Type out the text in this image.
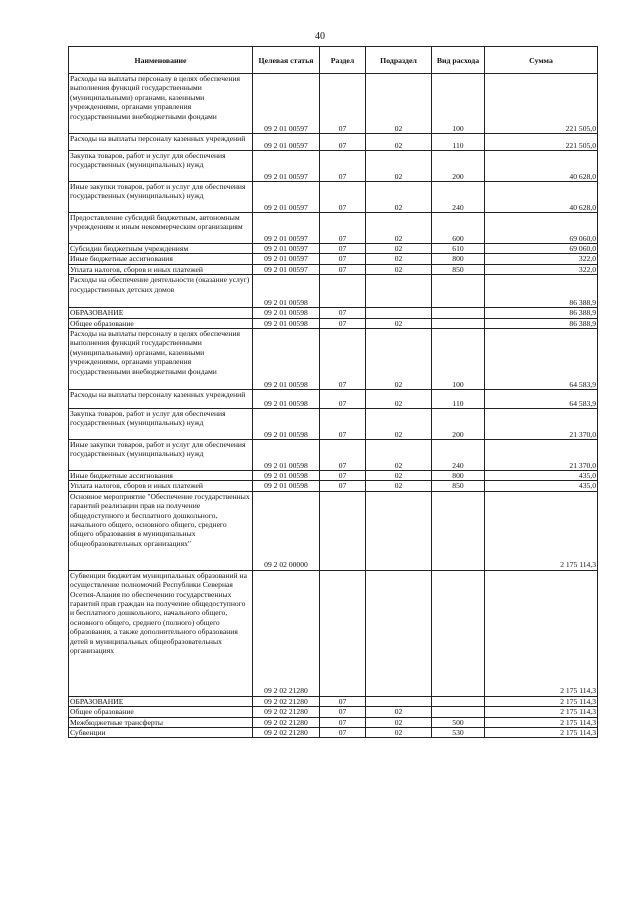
40
Наименование	Целевая статья	Раздел	Подраздел	Вид расхода	Сумма
Расходы на выплаты персоналу в целях обеспечения выполнения функций государственными (муниципальными) органами, казенными учреждениями, органами управления государственными внебюджетными фондами	09 2 01 00597	07	02	100	221 505,0
Расходы на выплаты персоналу казенных учреждений	09 2 01 00597	07	02	110	221 505,0
Закупка товаров, работ и услуг для обеспечения государственных (муниципальных) нужд	09 2 01 00597	07	02	200	40 628,0
Иные закупки товаров, работ и услуг для обеспечения государственных (муниципальных) нужд	09 2 01 00597	07	02	240	40 628,0
Предоставление субсидий бюджетным, автономным учреждениям и иным некоммерческим организациям	09 2 01 00597	07	02	600	69 060,0
Субсидии бюджетным учреждениям	09 2 01 00597	07	02	610	69 060,0
Иные бюджетные ассигнования	09 2 01 00597	07	02	800	322,0
Уплата налогов, сборов и иных платежей	09 2 01 00597	07	02	850	322,0
Расходы на обеспечение деятельности (оказание услуг) государственных детских домов	09 2 01 00598				86 388,9
ОБРАЗОВАНИЕ	09 2 01 00598	07			86 388,9
Общее образование	09 2 01 00598	07	02		86 388,9
Расходы на выплаты персоналу в целях обеспечения выполнения функций государственными (муниципальными) органами, казенными учреждениями, органами управления государственными внебюджетными фондами	09 2 01 00598	07	02	100	64 583,9
Расходы на выплаты персоналу казенных учреждений	09 2 01 00598	07	02	110	64 583,9
Закупка товаров, работ и услуг для обеспечения государственных (муниципальных) нужд	09 2 01 00598	07	02	200	21 370,0
Иные закупки товаров, работ и услуг для обеспечения государственных (муниципальных) нужд	09 2 01 00598	07	02	240	21 370,0
Иные бюджетные ассигнования	09 2 01 00598	07	02	800	435,0
Уплата налогов, сборов и иных платежей	09 2 01 00598	07	02	850	435,0
Основное мероприятие "Обеспечение государственных гарантий реализации прав на получение общедоступного и бесплатного дошкольного, начального общего, основного общего, среднего общего образования в муниципальных общеобразовательных организациях"	09 2 02 00000				2 175 114,3
Субвенции бюджетам муниципальных образований на осуществление полномочий Республики Северная Осетия-Алания по обеспечению государственных гарантий прав граждан на получение общедоступного и бесплатного дошкольного, начального общего, основного общего, среднего (полного) общего образования, а также дополнительного образования детей в муниципальных общеобразовательных организациях	09 2 02 21280				2 175 114,3
ОБРАЗОВАНИЕ	09 2 02 21280	07			2 175 114,3
Общее образование	09 2 02 21280	07	02		2 175 114,3
Межбюджетные трансферты	09 2 02 21280	07	02	500	2 175 114,3
Субвенции	09 2 02 21280	07	02	530	2 175 114,3
